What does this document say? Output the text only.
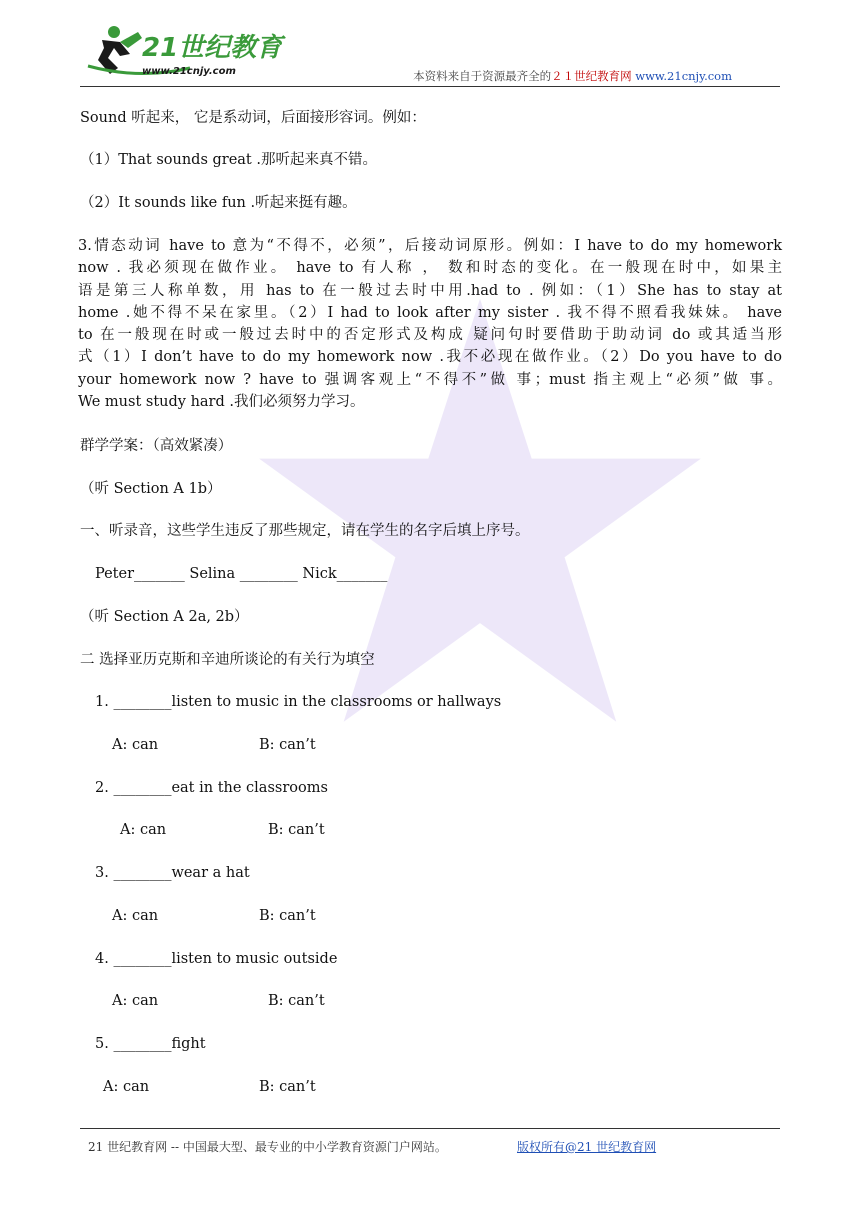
21世纪教育
www.21cnjy.com	本资料来自于资源最齐全的２１世纪教育网 www.21cnjy.com
Sound 听起来， 它是系动词，后面接形容词。例如：
（1）That sounds great .那听起来真不错。
（2）It sounds like fun .听起来挺有趣。
3.情态动词 have to 意为“不得不，必须”，后接动词原形。例如：I have to do my homework
now . 我必须现在做作业。 have to 有人称 ， 数和时态的变化。在一般现在时中，如果主
语是第三人称单数，用 has to 在一般过去时中用.had to . 例如：（1）She has to stay at
home .她不得不呆在家里。（2）I had to look after my sister . 我不得不照看我妹妹。 have
to 在一般现在时或一般过去时中的否定形式及构成 疑问句时要借助于助动词 do 或其适当形
式（1）I don’t have to do my homework now .我不必现在做作业。（2）Do you have to do
your homework now ? have to 强调客观上“不得不”做 事；must 指主观上“必须”做 事。
We must study hard .我们必须努力学习。
群学学案：（高效紧凑）
（听 Section A 1b）
一、听录音，这些学生违反了那些规定，请在学生的名字后填上序号。
Peter_______ Selina ________ Nick_______
（听 Section A 2a, 2b）
二 选择亚历克斯和辛迪所谈论的有关行为填空
1. ________listen to music in the classrooms or hallways
A: can	B: can’t
2. ________eat in the classrooms
A: can	B: can’t
3. ________wear a hat
A: can	B: can’t
4. ________listen to music outside
A: can	B: can’t
5. ________fight
A: can	B: can’t
21 世纪教育网 -- 中国最大型、最专业的中小学教育资源门户网站。	版权所有@21 世纪教育网
